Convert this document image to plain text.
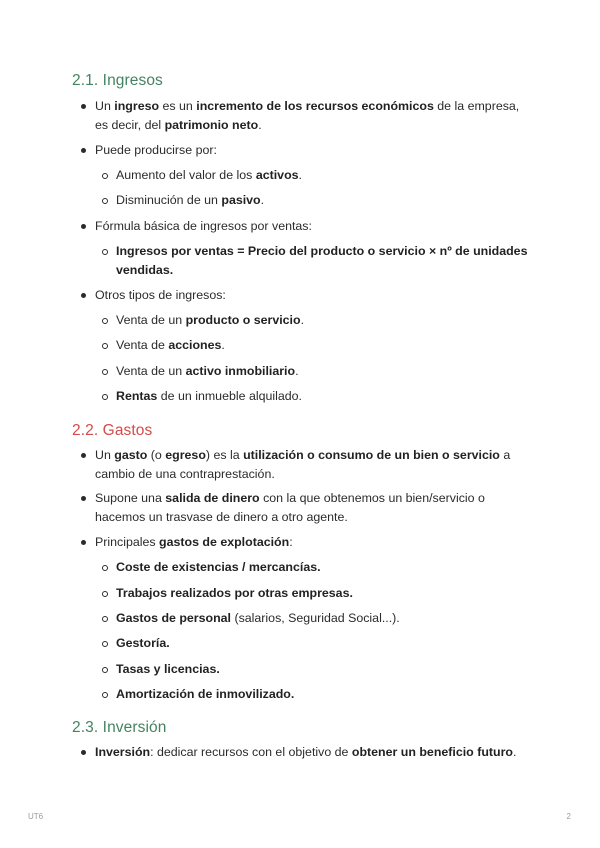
2.1. Ingresos
Un ingreso es un incremento de los recursos económicos de la empresa, es decir, del patrimonio neto.
Puede producirse por:
Aumento del valor de los activos.
Disminución de un pasivo.
Fórmula básica de ingresos por ventas:
Ingresos por ventas = Precio del producto o servicio × nº de unidades vendidas.
Otros tipos de ingresos:
Venta de un producto o servicio.
Venta de acciones.
Venta de un activo inmobiliario.
Rentas de un inmueble alquilado.
2.2. Gastos
Un gasto (o egreso) es la utilización o consumo de un bien o servicio a cambio de una contraprestación.
Supone una salida de dinero con la que obtenemos un bien/servicio o hacemos un trasvase de dinero a otro agente.
Principales gastos de explotación:
Coste de existencias / mercancías.
Trabajos realizados por otras empresas.
Gastos de personal (salarios, Seguridad Social...).
Gestoría.
Tasas y licencias.
Amortización de inmovilizado.
2.3. Inversión
Inversión: dedicar recursos con el objetivo de obtener un beneficio futuro.
UT6	2
